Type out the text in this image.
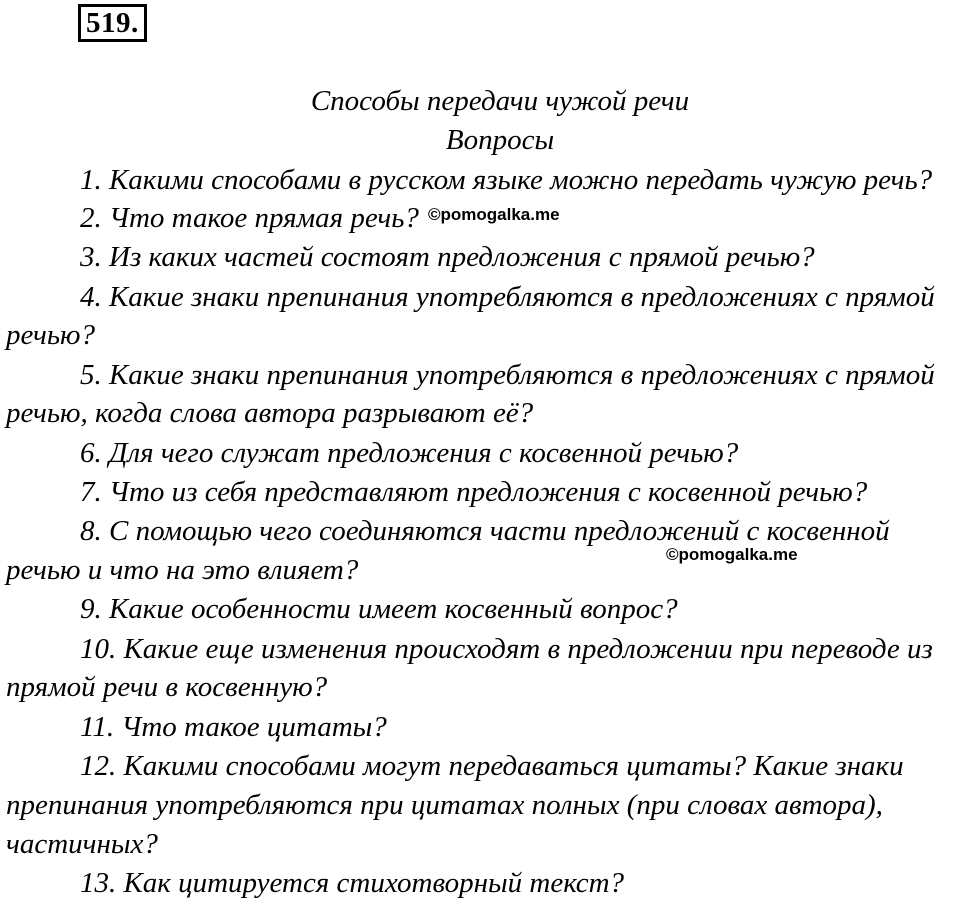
519.
Способы передачи чужой речи
Вопросы
1. Какими способами в русском языке можно передать чужую речь?
2. Что такое прямая речь?
3. Из каких частей состоят предложения с прямой речью?
4. Какие знаки препинания употребляются в предложениях с прямой
речью?
5. Какие знаки препинания употребляются в предложениях с прямой
речью, когда слова автора разрывают её?
6. Для чего служат предложения с косвенной речью?
7. Что из себя представляют предложения с косвенной речью?
8. С помощью чего соединяются части предложений с косвенной
речью и что на это влияет?
9. Какие особенности имеет косвенный вопрос?
10. Какие еще изменения происходят в предложении при переводе из
прямой речи в косвенную?
11. Что такое цитаты?
12. Какими способами могут передаваться цитаты? Какие знаки
препинания употребляются при цитатах полных (при словах автора),
частичных?
13. Как цитируется стихотворный текст?
©pomogalka.me
©pomogalka.me
